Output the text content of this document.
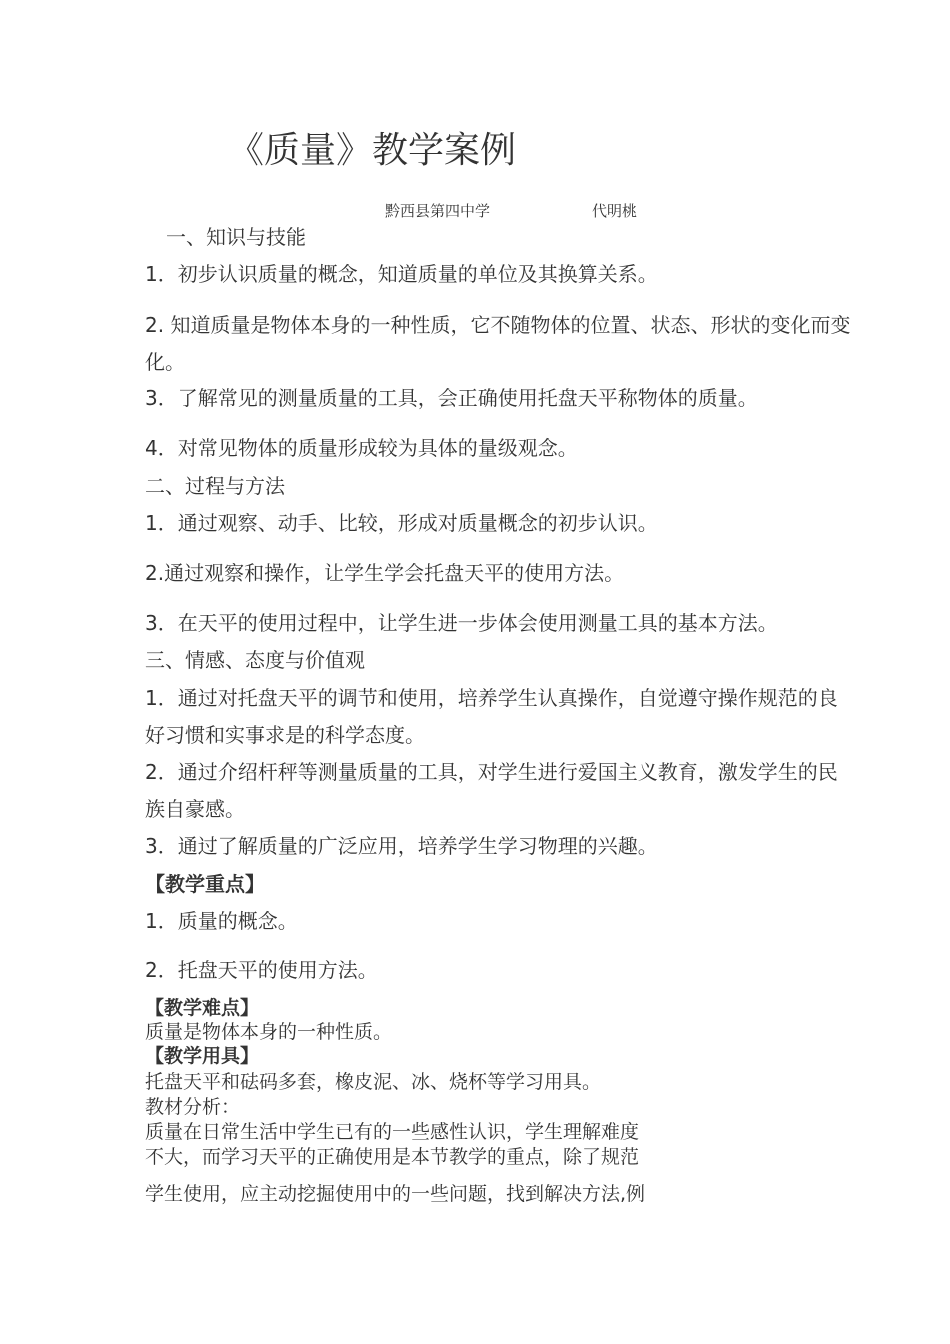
《质量》教学案例
黔西县第四中学	代明桃
一、知识与技能
1．初步认识质量的概念，知道质量的单位及其换算关系。
2. 知道质量是物体本身的一种性质，它不随物体的位置、状态、形状的变化而变
化。
3．了解常见的测量质量的工具，会正确使用托盘天平称物体的质量。
4．对常见物体的质量形成较为具体的量级观念。
二、过程与方法
1．通过观察、动手、比较，形成对质量概念的初步认识。
2.通过观察和操作，让学生学会托盘天平的使用方法。
3．在天平的使用过程中，让学生进一步体会使用测量工具的基本方法。
三、情感、态度与价值观
1．通过对托盘天平的调节和使用，培养学生认真操作，自觉遵守操作规范的良
好习惯和实事求是的科学态度。
2．通过介绍杆秤等测量质量的工具，对学生进行爱国主义教育，激发学生的民
族自豪感。
3．通过了解质量的广泛应用，培养学生学习物理的兴趣。
【教学重点】
1．质量的概念。
2．托盘天平的使用方法。
【教学难点】
质量是物体本身的一种性质。
【教学用具】
托盘天平和砝码多套，橡皮泥、冰、烧杯等学习用具。
教材分析：
质量在日常生活中学生已有的一些感性认识，学生理解难度
不大，而学习天平的正确使用是本节教学的重点，除了规范
学生使用，应主动挖掘使用中的一些问题，找到解决方法,例
